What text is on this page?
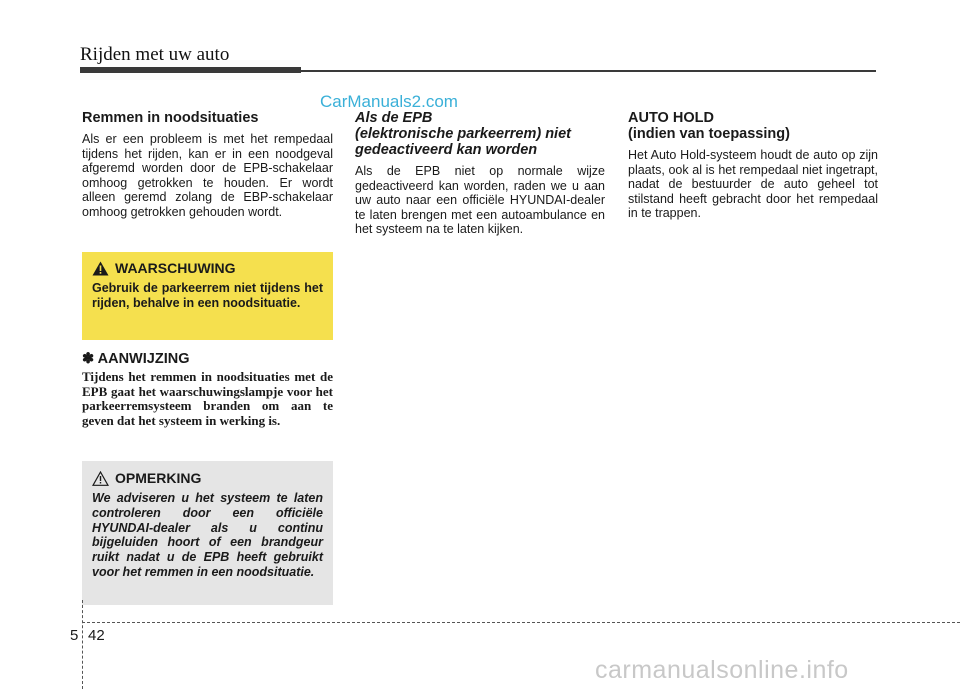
Rijden met uw auto
CarManuals2.com
Remmen in noodsituaties

Als er een probleem is met het rempedaal tijdens het rijden, kan er in een noodgeval afgeremd worden door de EPB-schakelaar omhoog getrokken te houden. Er wordt alleen geremd zolang de EBP-schakelaar omhoog getrokken gehouden wordt.

WAARSCHUWING
Gebruik de parkeerrem niet tijdens het rijden, behalve in een noodsituatie.
✽ AANWIJZING

Tijdens het remmen in noodsituaties met de EPB gaat het waarschuwingslampje voor het parkeerremsysteem branden om aan te geven dat het systeem in werking is.

OPMERKING
We adviseren u het systeem te laten controleren door een officiële HYUNDAI-dealer als u continu bijgeluiden hoort of een brandgeur ruikt nadat u de EPB heeft gebruikt voor het remmen in een noodsituatie.
Als de EPB
(elektronische parkeerrem) niet
gedeactiveerd kan worden

Als de EPB niet op normale wijze gedeactiveerd kan worden, raden we u aan uw auto naar een officiële HYUNDAI-dealer te laten brengen met een autoambulance en het systeem na te laten kijken.

AUTO HOLD
(indien van toepassing)

Het Auto Hold-systeem houdt de auto op zijn plaats, ook al is het rempedaal niet ingetrapt, nadat de bestuurder de auto geheel tot stilstand heeft gebracht door het rempedaal in te trappen.

5 42
carmanualsonline.info
